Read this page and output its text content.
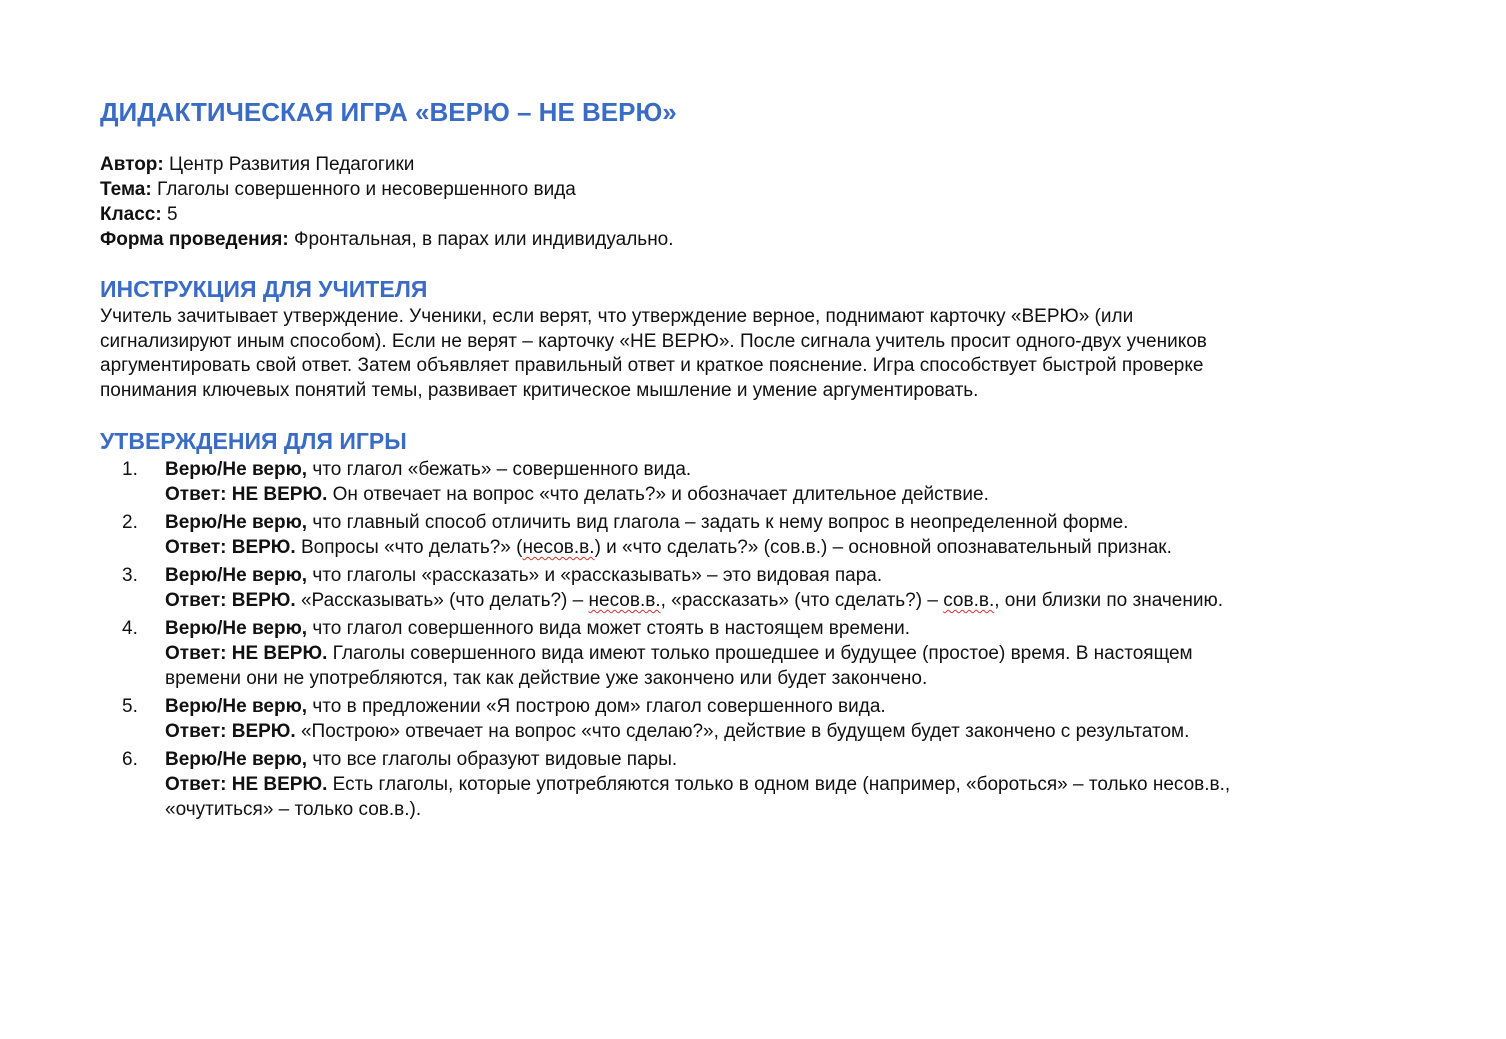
ДИДАКТИЧЕСКАЯ ИГРА «ВЕРЮ – НЕ ВЕРЮ»
Автор: Центр Развития Педагогики
Тема: Глаголы совершенного и несовершенного вида
Класс: 5
Форма проведения: Фронтальная, в парах или индивидуально.
ИНСТРУКЦИЯ ДЛЯ УЧИТЕЛЯ
Учитель зачитывает утверждение. Ученики, если верят, что утверждение верное, поднимают карточку «ВЕРЮ» (или
сигнализируют иным способом). Если не верят – карточку «НЕ ВЕРЮ». После сигнала учитель просит одного-двух учеников
аргументировать свой ответ. Затем объявляет правильный ответ и краткое пояснение. Игра способствует быстрой проверке
понимания ключевых понятий темы, развивает критическое мышление и умение аргументировать.
УТВЕРЖДЕНИЯ ДЛЯ ИГРЫ
1. Верю/Не верю, что глагол «бежать» – совершенного вида.
Ответ: НЕ ВЕРЮ. Он отвечает на вопрос «что делать?» и обозначает длительное действие.
2. Верю/Не верю, что главный способ отличить вид глагола – задать к нему вопрос в неопределенной форме.
Ответ: ВЕРЮ. Вопросы «что делать?» (несов.в.) и «что сделать?» (сов.в.) – основной опознавательный признак.
3. Верю/Не верю, что глаголы «рассказать» и «рассказывать» – это видовая пара.
Ответ: ВЕРЮ. «Рассказывать» (что делать?) – несов.в., «рассказать» (что сделать?) – сов.в., они близки по значению.
4. Верю/Не верю, что глагол совершенного вида может стоять в настоящем времени.
Ответ: НЕ ВЕРЮ. Глаголы совершенного вида имеют только прошедшее и будущее (простое) время. В настоящем
времени они не употребляются, так как действие уже закончено или будет закончено.
5. Верю/Не верю, что в предложении «Я построю дом» глагол совершенного вида.
Ответ: ВЕРЮ. «Построю» отвечает на вопрос «что сделаю?», действие в будущем будет закончено с результатом.
6. Верю/Не верю, что все глаголы образуют видовые пары.
Ответ: НЕ ВЕРЮ. Есть глаголы, которые употребляются только в одном виде (например, «бороться» – только несов.в.,
«очутиться» – только сов.в.).
